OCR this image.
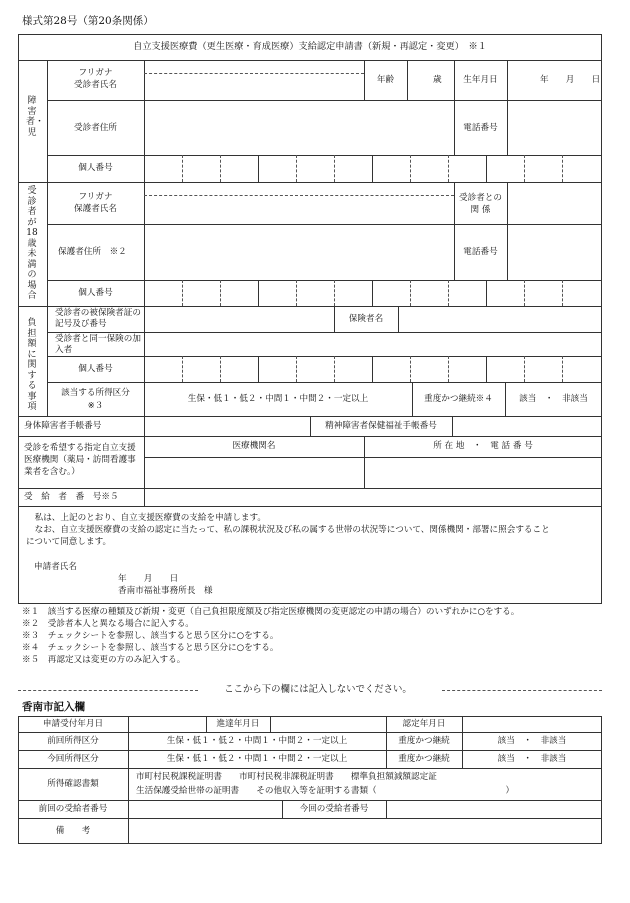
様式第28号（第20条関係）
自立支援医療費（更生医療・育成医療）支給認定申請書（新規・再認定・変更）　※１
障害者・児
受診者が18歳未満の場合
負担額に関する事項
フリガナ
受診者氏名	年齢	歳	生年月日	年　　月　　日
受診者住所	電話番号
個人番号
フリガナ
保護者氏名
受診者との 関 係
保護者住所　※２	電話番号
個人番号
受診者の被保険者証の記号及び番号	保険者名
受診者と同一保険の加入者
個人番号
該当する所得区分
※３
生保・低１・低２・中間１・中間２・一定以上	重度かつ継続※４	該当　・　非該当
身体障害者手帳番号	精神障害者保健福祉手帳番号
受診を希望する指定自立支援医療機関（薬局・訪問看護事業者を含む。）
医療機関名	所 在 地　・　電 話 番 号
受　給　者　番　号※５
　私は、上記のとおり、自立支援医療費の支給を申請します。
　なお、自立支援医療費の支給の認定に当たって、私の課税状況及び私の属する世帯の状況等について、関係機関・部署に照会すること
について同意します。
申請者氏名
年　　月　　日
香南市福祉事務所長　様
※１　該当する医療の種類及び新規・変更（自己負担限度額及び指定医療機関の変更認定の申請の場合）のいずれかに○をする。
※２　受診者本人と異なる場合に記入する。
※３　チェックシートを参照し、該当すると思う区分に○をする。
※４　チェックシートを参照し、該当すると思う区分に○をする。
※５　再認定又は変更の方のみ記入する。
ここから下の欄には記入しないでください。
香南市記入欄
申請受付年月日	進達年月日	認定年月日
前回所得区分	生保・低１・低２・中間１・中間２・一定以上	重度かつ継続	該当　・　非該当
今回所得区分	生保・低１・低２・中間１・中間２・一定以上	重度かつ継続	該当　・　非該当
所得確認書類
市町村民税課税証明書　　市町村民税非課税証明書　　標準負担額減額認定証
生活保護受給世帯の証明書　　その他収入等を証明する書類（　　　　　　　　　　　　　　　）
前回の受給者番号	今回の受給者番号
備　　考
